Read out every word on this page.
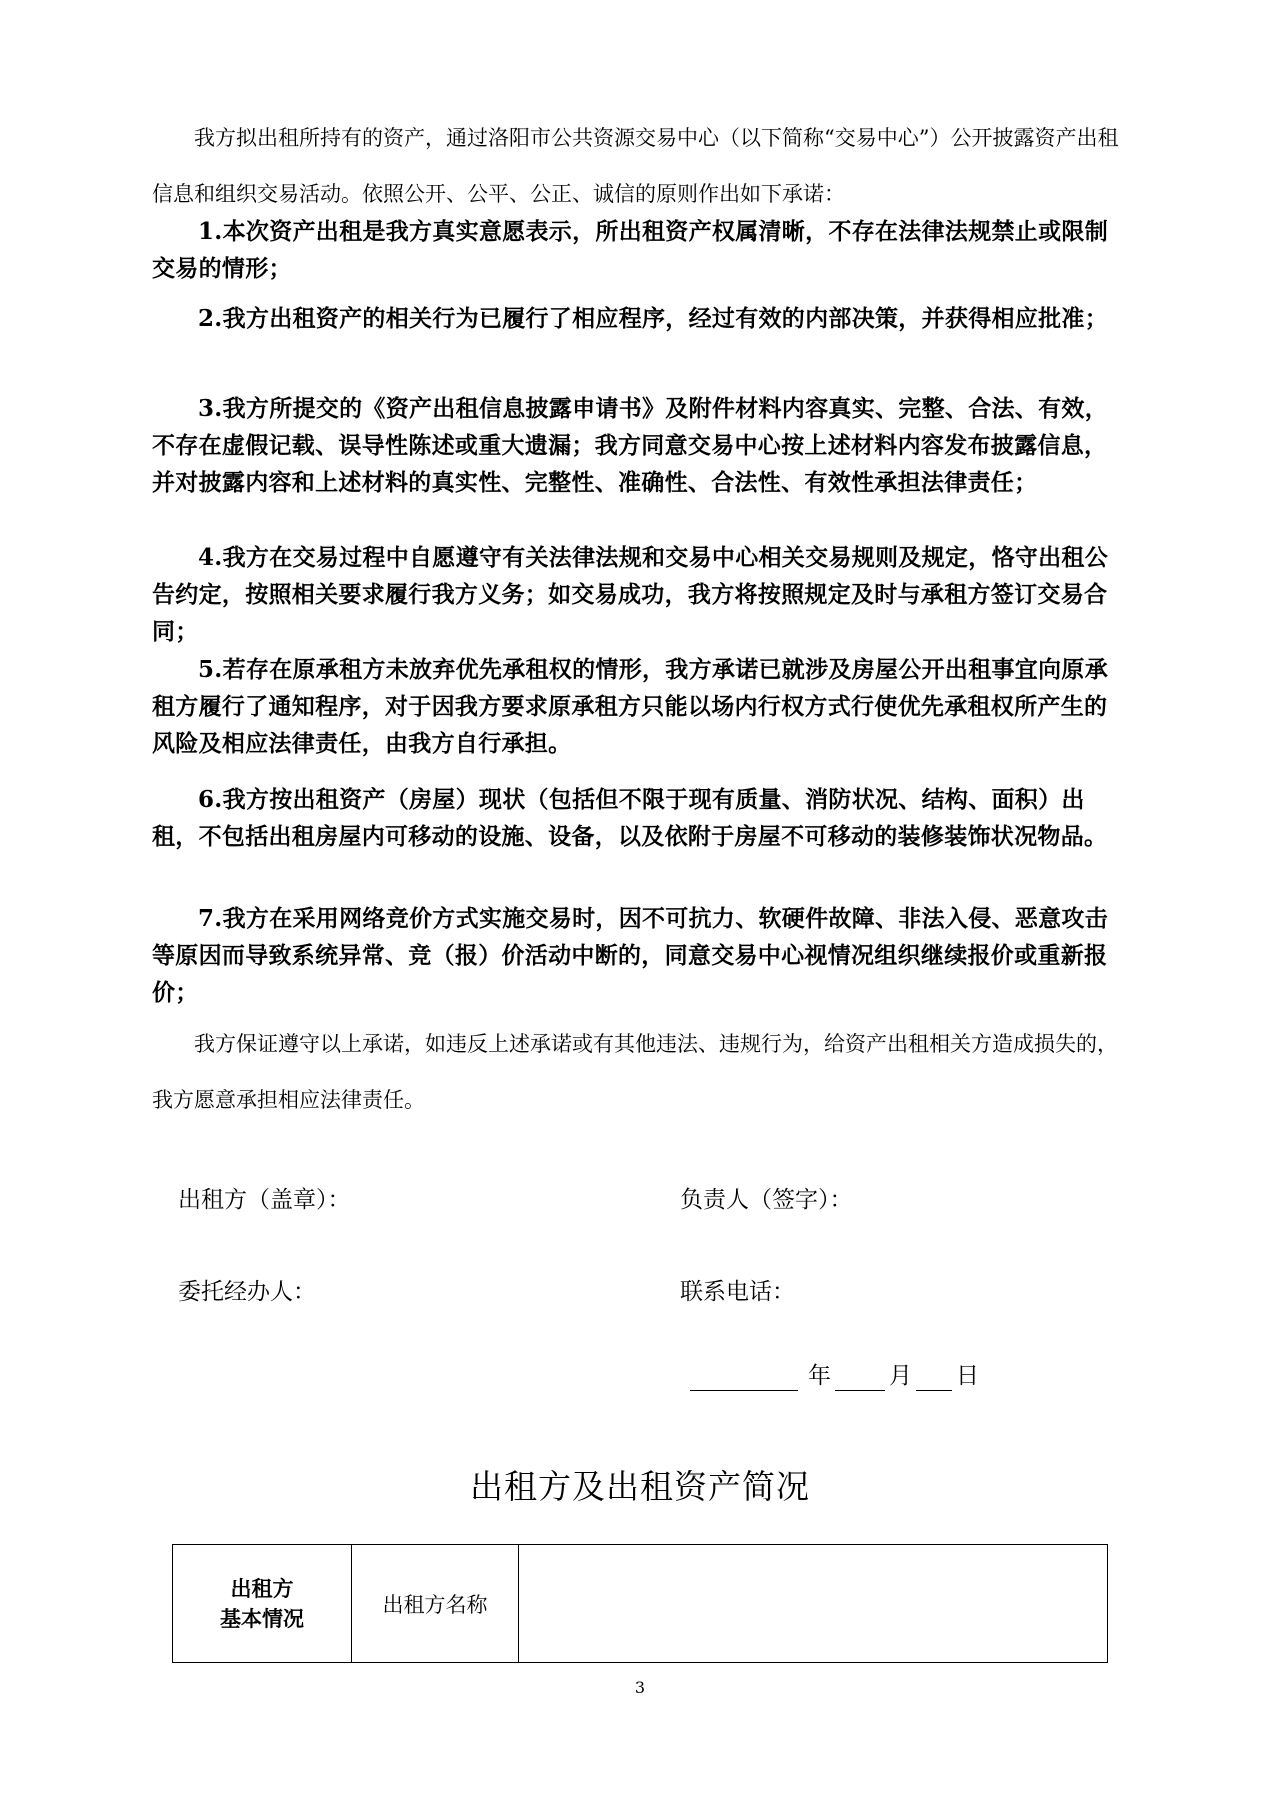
我方拟出租所持有的资产，通过洛阳市公共资源交易中心（以下简称“交易中心”）公开披露资产出租信息和组织交易活动。依照公开、公平、公正、诚信的原则作出如下承诺：

1.本次资产出租是我方真实意愿表示，所出租资产权属清晰，不存在法律法规禁止或限制交易的情形；

2.我方出租资产的相关行为已履行了相应程序，经过有效的内部决策，并获得相应批准；

3.我方所提交的《资产出租信息披露申请书》及附件材料内容真实、完整、合法、有效，不存在虚假记载、误导性陈述或重大遗漏；我方同意交易中心按上述材料内容发布披露信息，并对披露内容和上述材料的真实性、完整性、准确性、合法性、有效性承担法律责任；

4.我方在交易过程中自愿遵守有关法律法规和交易中心相关交易规则及规定，恪守出租公告约定，按照相关要求履行我方义务；如交易成功，我方将按照规定及时与承租方签订交易合同；

5.若存在原承租方未放弃优先承租权的情形，我方承诺已就涉及房屋公开出租事宜向原承租方履行了通知程序，对于因我方要求原承租方只能以场内行权方式行使优先承租权所产生的风险及相应法律责任，由我方自行承担。

6.我方按出租资产（房屋）现状（包括但不限于现有质量、消防状况、结构、面积）出租，不包括出租房屋内可移动的设施、设备，以及依附于房屋不可移动的装修装饰状况物品。

7.我方在采用网络竞价方式实施交易时，因不可抗力、软硬件故障、非法入侵、恶意攻击等原因而导致系统异常、竞（报）价活动中断的，同意交易中心视情况组织继续报价或重新报价；

我方保证遵守以上承诺，如违反上述承诺或有其他违法、违规行为，给资产出租相关方造成损失的，我方愿意承担相应法律责任。

出租方（盖章）：	负责人（签字）：
委托经办人：	联系电话：
年	月 日
出租方及出租资产简况
出租方
基本情况
	出租方名称	
3
